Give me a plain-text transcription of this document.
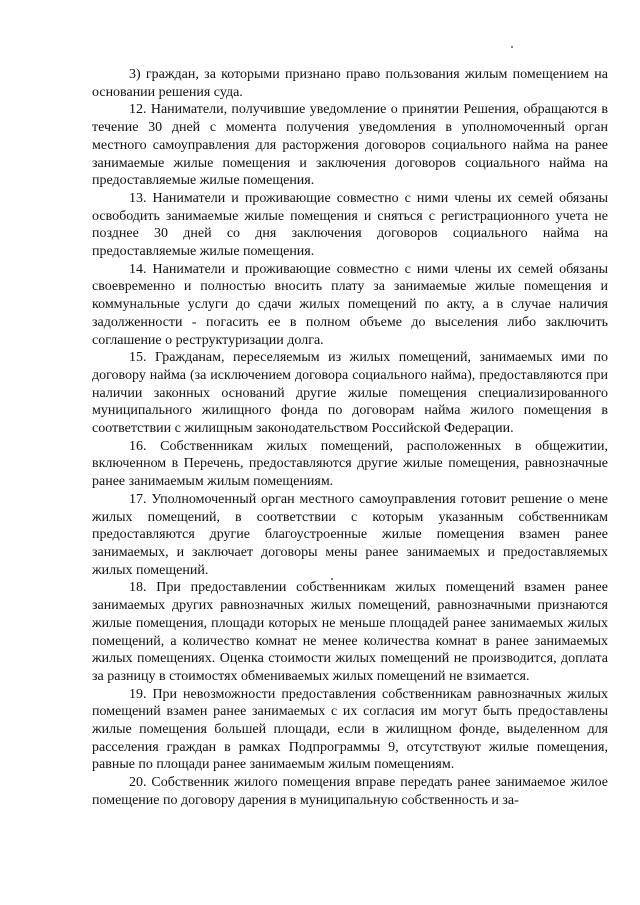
3) граждан, за которыми признано право пользования жилым помещением на основании решения суда.

12. Наниматели, получившие уведомление о принятии Решения, обращаются в течение 30 дней с момента получения уведомления в уполномоченный орган местного самоуправления для расторжения договоров социального найма на ранее занимаемые жилые помещения и заключения договоров социального найма на предоставляемые жилые помещения.

13. Наниматели и проживающие совместно с ними члены их семей обязаны освободить занимаемые жилые помещения и сняться с регистрационного учета не позднее 30 дней со дня заключения договоров социального найма на предоставляемые жилые помещения.

14. Наниматели и проживающие совместно с ними члены их семей обязаны своевременно и полностью вносить плату за занимаемые жилые помещения и коммунальные услуги до сдачи жилых помещений по акту, а в случае наличия задолженности - погасить ее в полном объеме до выселения либо заключить соглашение о реструктуризации долга.

15. Гражданам, переселяемым из жилых помещений, занимаемых ими по договору найма (за исключением договора социального найма), предоставляются при наличии законных оснований другие жилые помещения специализированного муниципального жилищного фонда по договорам найма жилого помещения в соответствии с жилищным законодательством Российской Федерации.

16. Собственникам жилых помещений, расположенных в общежитии, включенном в Перечень, предоставляются другие жилые помещения, равнозначные ранее занимаемым жилым помещениям.

17. Уполномоченный орган местного самоуправления готовит решение о мене жилых помещений, в соответствии с которым указанным собственникам предоставляются другие благоустроенные жилые помещения взамен ранее занимаемых, и заключает договоры мены ранее занимаемых и предоставляемых жилых помещений.

18. При предоставлении собственникам жилых помещений взамен ранее занимаемых других равнозначных жилых помещений, равнозначными признаются жилые помещения, площади которых не меньше площадей ранее занимаемых жилых помещений, а количество комнат не менее количества комнат в ранее занимаемых жилых помещениях. Оценка стоимости жилых помещений не производится, доплата за разницу в стоимостях обмениваемых жилых помещений не взимается.

19. При невозможности предоставления собственникам равнозначных жилых помещений взамен ранее занимаемых с их согласия им могут быть предоставлены жилые помещения большей площади, если в жилищном фонде, выделенном для расселения граждан в рамках Подпрограммы 9, отсутствуют жилые помещения, равные по площади ранее занимаемым жилым помещениям.

20. Собственник жилого помещения вправе передать ранее занимаемое жилое помещение по договору дарения в муниципальную собственность и за-
